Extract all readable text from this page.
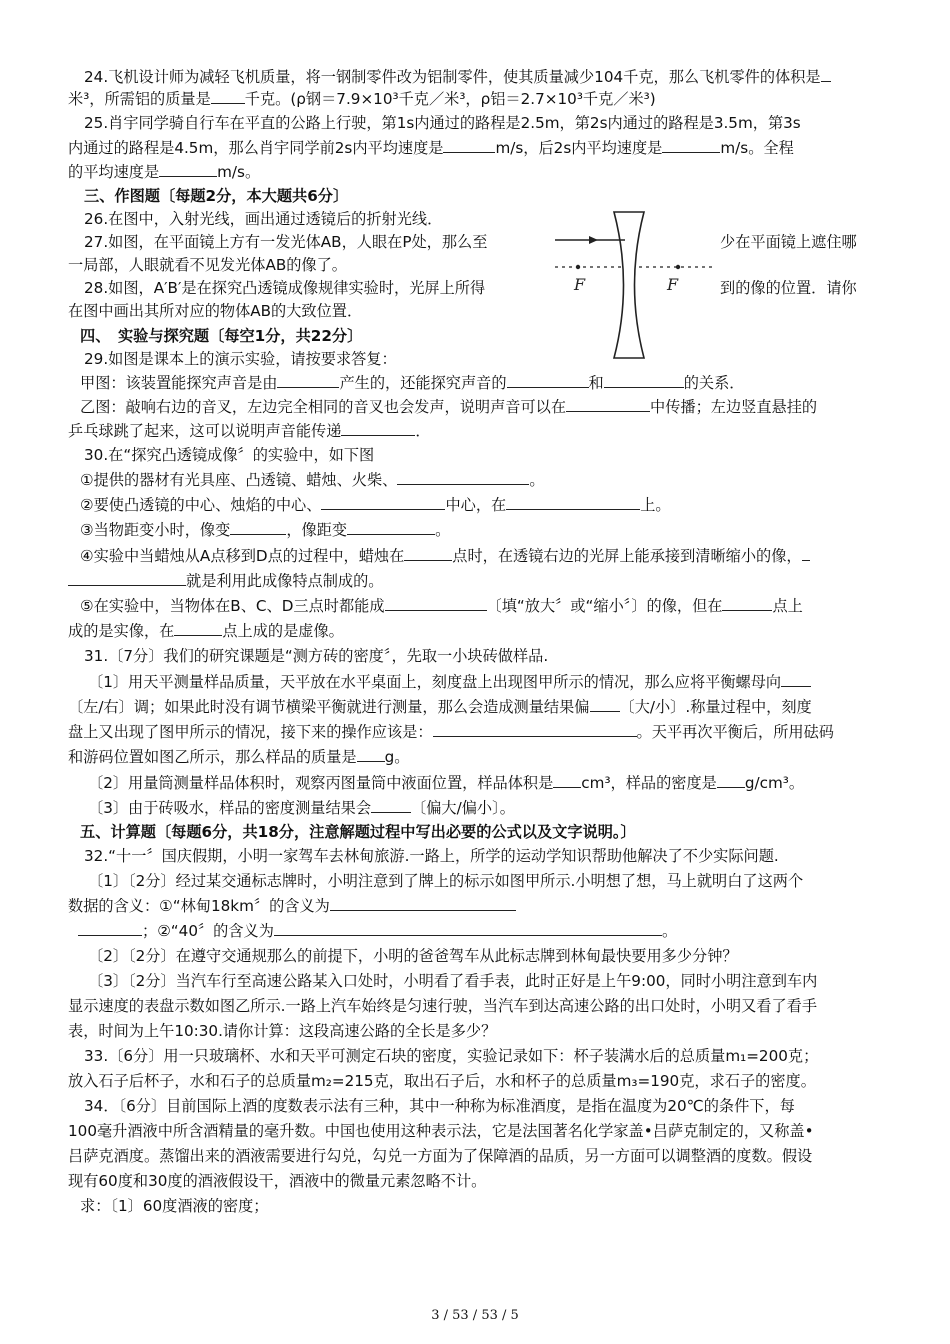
24.飞机设计师为减轻飞机质量，将一钢制零件改为铝制零件，使其质量减少104千克，那么飞机零件的体积是
米³，所需铝的质量是 千克。(ρ钢＝7.9×10³千克／米³，ρ铝＝2.7×10³千克／米³)
25.肖宇同学骑自行车在平直的公路上行驶，第1s内通过的路程是2.5m，第2s内通过的路程是3.5m，第3s
内通过的路程是4.5m，那么肖宇同学前2s内平均速度是	m/s，后2s内平均速度是	m/s。全程
的平均速度是	m/s。
三、作图题〔每题2分，本大题共6分〕
26.在图中，入射光线，画出通过透镜后的折射光线．
27.如图，在平面镜上方有一发光体AB，人眼在P处，那么至	少在平面镜上遮住哪
一局部，人眼就看不见发光体AB的像了。
28.如图，A′B′是在探究凸透镜成像规律实验时，光屏上所得	到的像的位置．请你
在图中画出其所对应的物体AB的大致位置．
四、　实验与探究题〔每空1分，共22分〕
29.如图是课本上的演示实验，请按要求答复：
甲图：该装置能探究声音是由	产生的，还能探究声音的	和	的关系．
乙图：敲响右边的音叉，左边完全相同的音叉也会发声，说明声音可以在	中传播；左边竖直悬挂的
乒乓球跳了起来，这可以说明声音能传递	．
30.在“探究凸透镜成像〞的实验中，如下图
①提供的器材有光具座、凸透镜、蜡烛、火柴、	。
②要使凸透镜的中心、烛焰的中心、	中心，在	上。
③当物距变小时，像变	，像距变	。
④实验中当蜡烛从A点移到D点的过程中，蜡烛在	点时，在透镜右边的光屏上能承接到清晰缩小的像，
就是利用此成像特点制成的。
⑤在实验中，当物体在B、C、D三点时都能成	〔填“放大〞或“缩小〞〕的像，但在	点上
成的是实像，在	点上成的是虚像。
31.〔7分〕我们的研究课题是“测方砖的密度〞，先取一小块砖做样品.
〔1〕用天平测量样品质量，天平放在水平桌面上，刻度盘上出现图甲所示的情况，那么应将平衡螺母向
〔左/右〕调；如果此时没有调节横梁平衡就进行测量，那么会造成测量结果偏 〔大/小〕.称量过程中，刻度
盘上又出现了图甲所示的情况，接下来的操作应该是：	。天平再次平衡后，所用砝码
和游码位置如图乙所示，那么样品的质量是 g。
〔2〕用量筒测量样品体积时，观察丙图量筒中液面位置，样品体积是 cm³，样品的密度是 g/cm³。
〔3〕由于砖吸水，样品的密度测量结果会	〔偏大/偏小〕。
五、计算题〔每题6分，共18分，注意解题过程中写出必要的公式以及文字说明。〕
32.“十一〞国庆假期，小明一家驾车去林甸旅游.一路上，所学的运动学知识帮助他解决了不少实际问题.
〔1〕〔2分〕经过某交通标志牌时，小明注意到了牌上的标示如图甲所示.小明想了想，马上就明白了这两个
数据的含义：①“林甸18km〞的含义为
；②“40〞的含义为	。
〔2〕〔2分〕在遵守交通规那么的前提下，小明的爸爸驾车从此标志牌到林甸最快要用多少分钟？
〔3〕〔2分〕当汽车行至高速公路某入口处时，小明看了看手表，此时正好是上午9:00，同时小明注意到车内
显示速度的表盘示数如图乙所示.一路上汽车始终是匀速行驶，当汽车到达高速公路的出口处时，小明又看了看手
表，时间为上午10:30.请你计算：这段高速公路的全长是多少？
33.〔6分〕用一只玻璃杯、水和天平可测定石块的密度，实验记录如下：杯子装满水后的总质量m₁=200克；
放入石子后杯子，水和石子的总质量m₂=215克，取出石子后，水和杯子的总质量m₃=190克，求石子的密度。
34．〔6分〕目前国际上酒的度数表示法有三种，其中一种称为标准酒度，是指在温度为20℃的条件下，每
100毫升酒液中所含酒精量的毫升数。中国也使用这种表示法，它是法国著名化学家盖•吕萨克制定的，又称盖•
吕萨克酒度。蒸馏出来的酒液需要进行勾兑，勾兑一方面为了保障酒的品质，另一方面可以调整酒的度数。假设
现有60度和30度的酒液假设干，酒液中的微量元素忽略不计。
求：〔1〕60度酒液的密度；
F	F
3 / 53 / 53 / 5
